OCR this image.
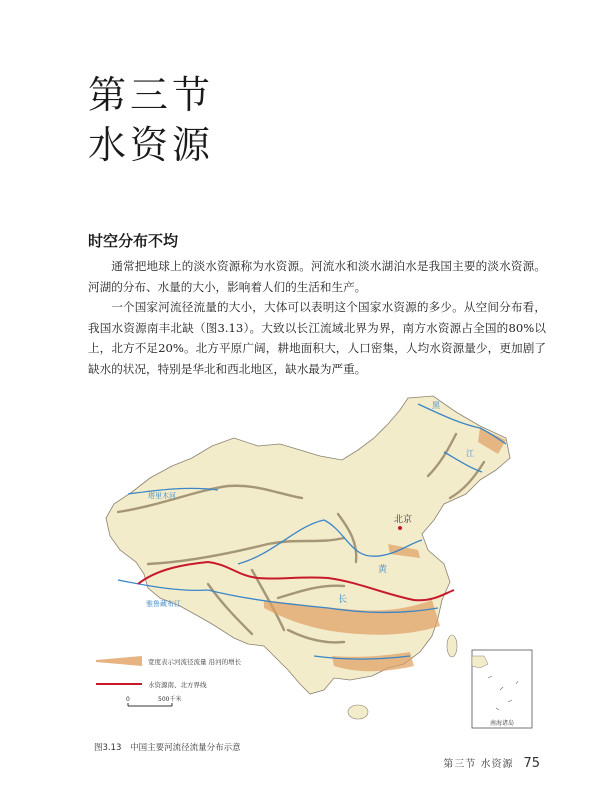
第三节
水资源
时空分布不均

通常把地球上的淡水资源称为水资源。河流水和淡水湖泊水是我国主要的淡水资源。河湖的分布、水量的大小，影响着人们的生活和生产。

一个国家河流径流量的大小，大体可以表明这个国家水资源的多少。从空间分布看，我国水资源南丰北缺（图3.13）。大致以长江流域北界为界，南方水资源占全国的80%以上，北方不足20%。北方平原广阔，耕地面积大，人口密集，人均水资源量少，更加剧了缺水的状况，特别是华北和西北地区，缺水最为严重。

北京
雅鲁藏布江
塔里木河
黄
长
黑
江
宽度表示河流径流量 沿河的增长
水资源南、北方界线
0	500千米
南海诸岛
图3.13 中国主要河流径流量分布示意
第三节 水资源 75
